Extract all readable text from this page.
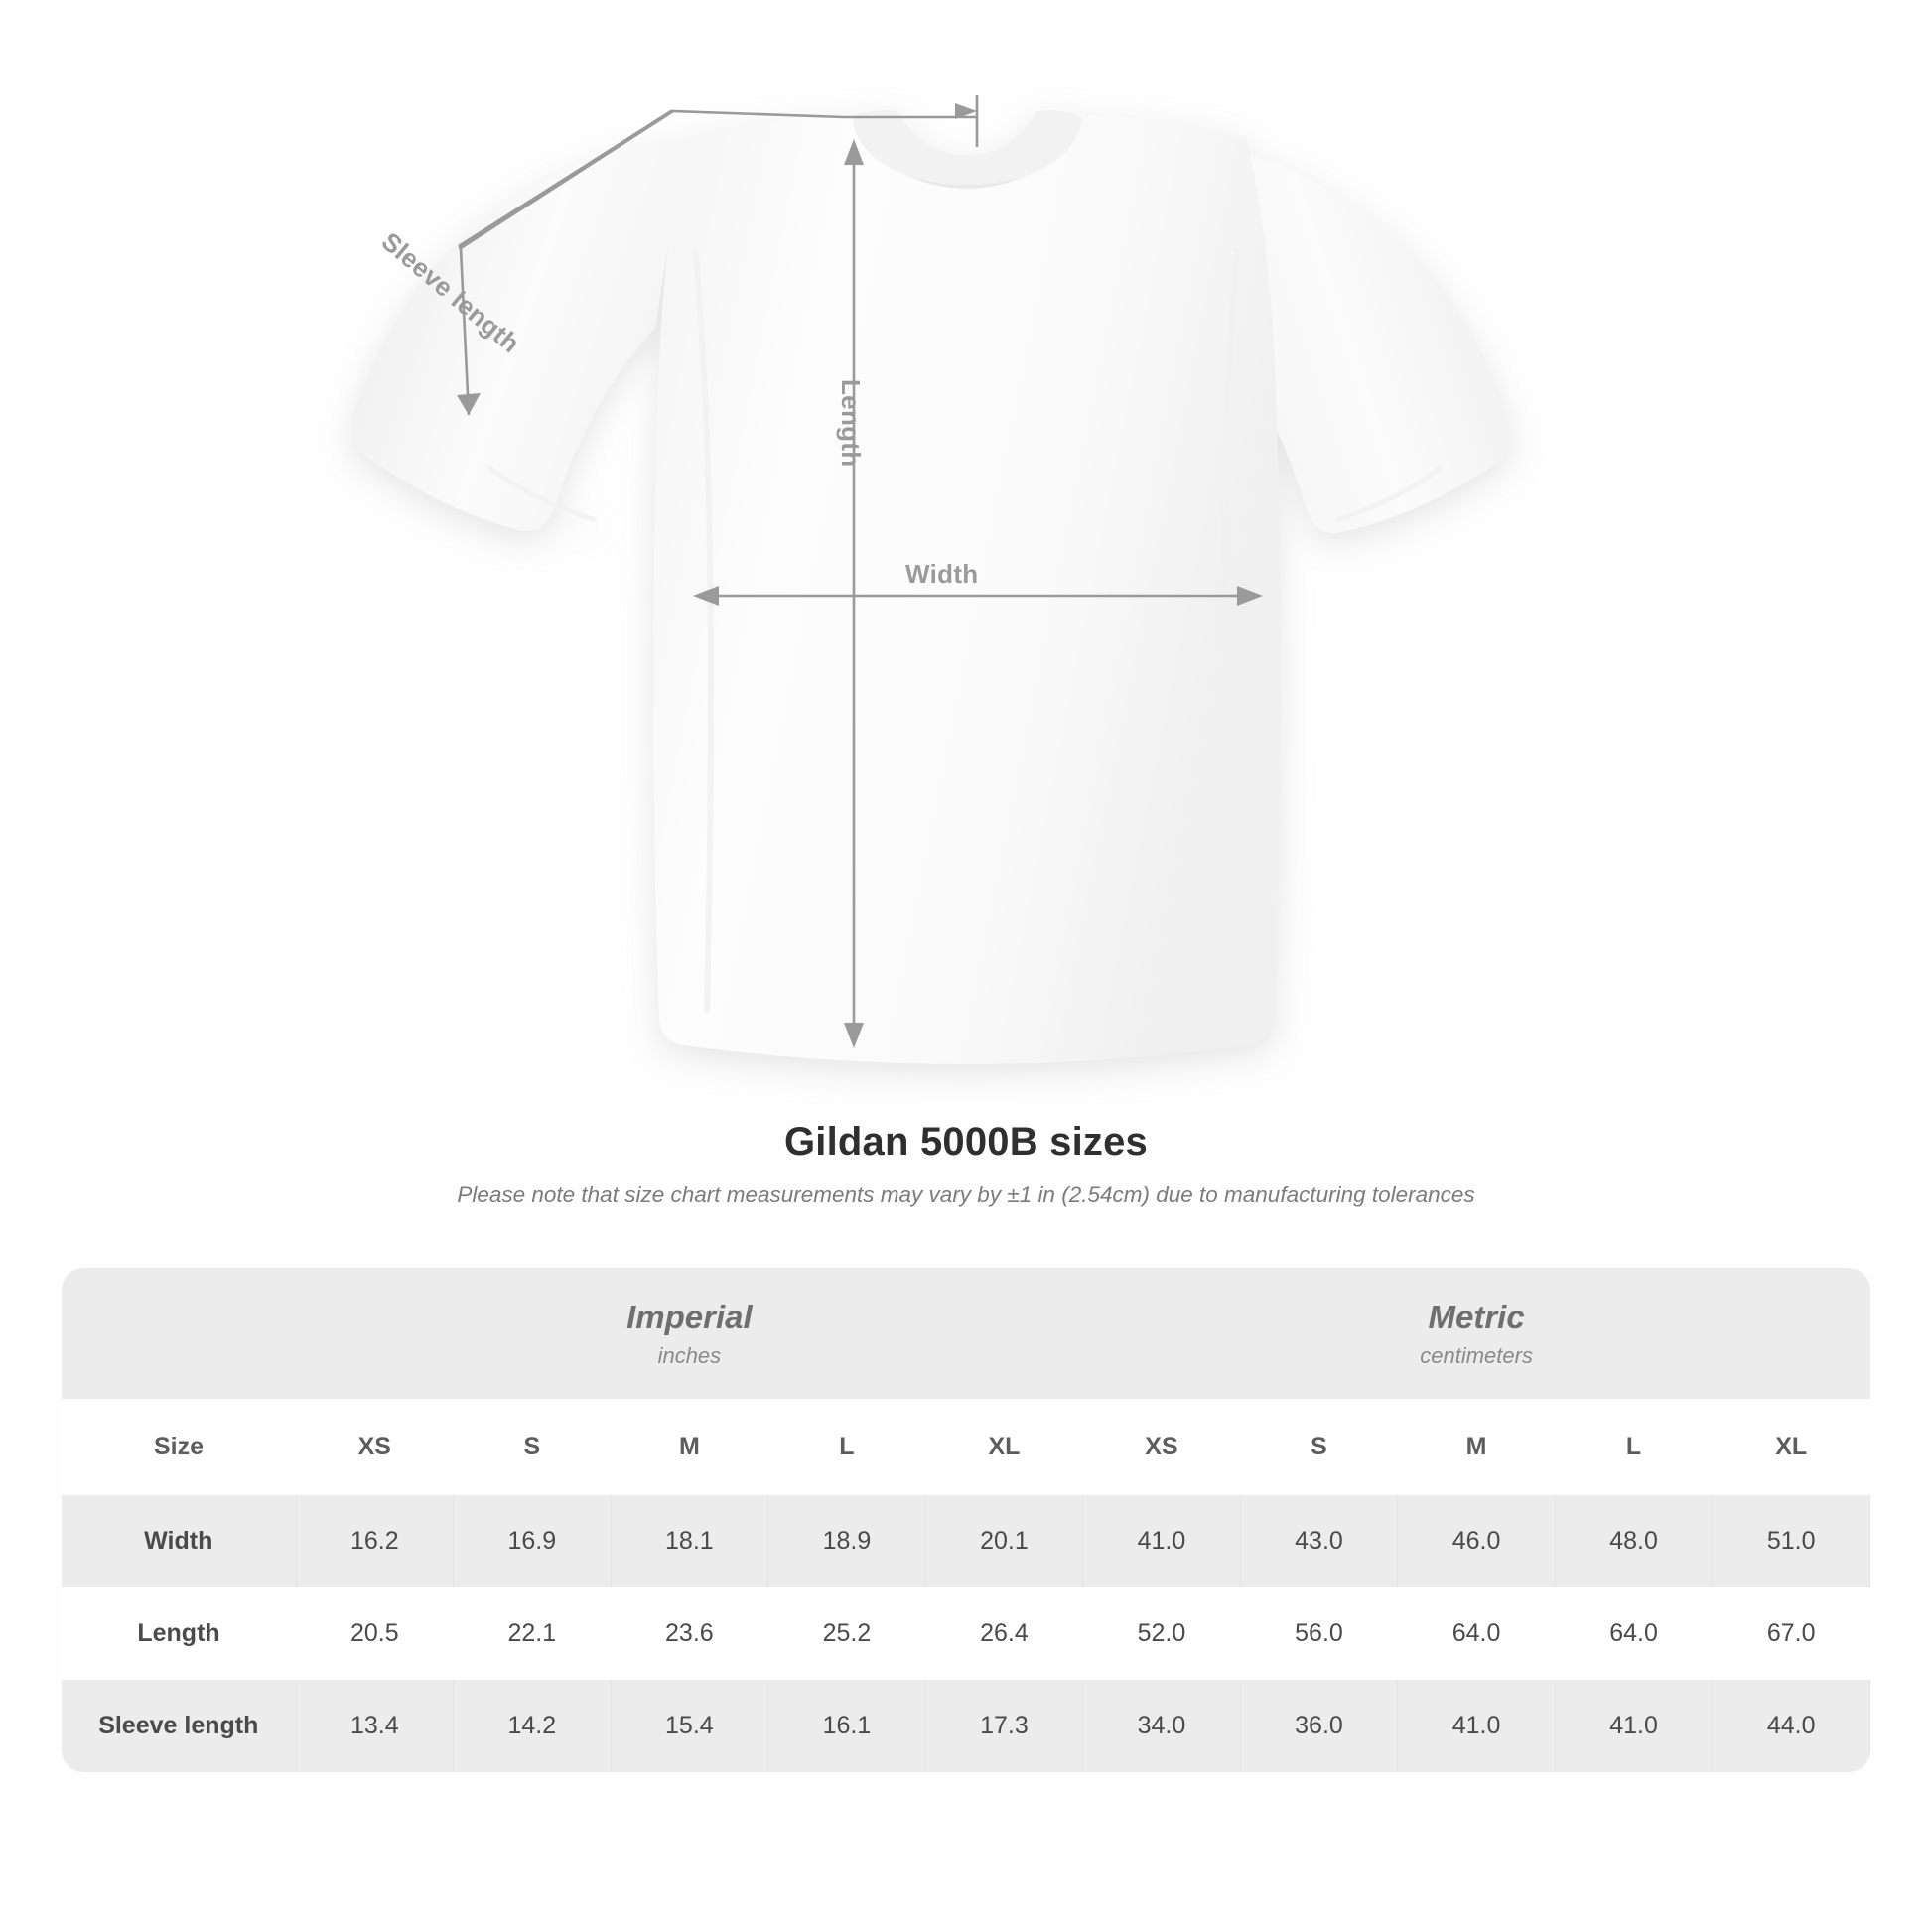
Sleeve length
Length
Width
Gildan 5000B sizes

Please note that size chart measurements may vary by ±1 in (2.54cm) due to manufacturing tolerances

Imperial
inches

Metric
centimeters

Size	XS	S	M	L	XL	XS	S	M	L	XL
Width	16.2	16.9	18.1	18.9	20.1	41.0	43.0	46.0	48.0	51.0
Length	20.5	22.1	23.6	25.2	26.4	52.0	56.0	64.0	64.0	67.0
Sleeve length	13.4	14.2	15.4	16.1	17.3	34.0	36.0	41.0	41.0	44.0
